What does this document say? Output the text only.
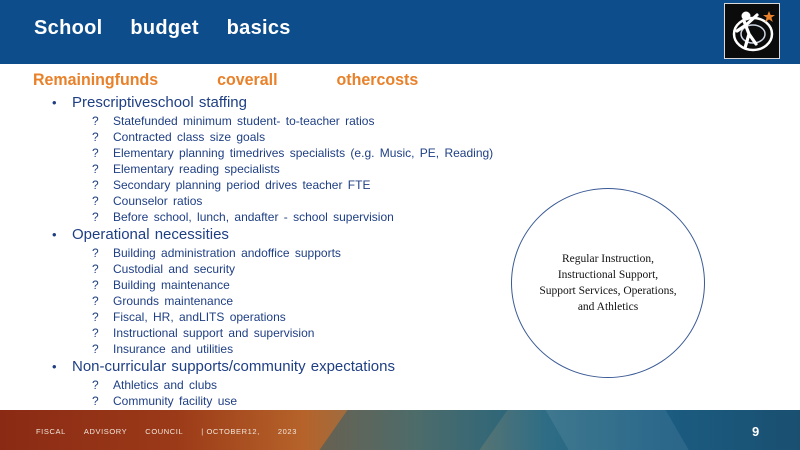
School budget basics
Remainingfunds coverall othercosts
• Prescriptiveschool staffing
? Statefunded minimum student- to-teacher ratios
? Contracted class size goals
? Elementary planning timedrives specialists (e.g. Music, PE, Reading)
? Elementary reading specialists
? Secondary planning period drives teacher FTE
? Counselor ratios
? Before school, lunch, andafter - school supervision
• Operational necessities
? Building administration andoffice supports
? Custodial and security
? Building maintenance
? Grounds maintenance
? Fiscal, HR, andLITS operations
? Instructional support and supervision
? Insurance and utilities
• Non-curricular supports/community expectations
? Athletics and clubs
? Community facility use
Regular Instruction,
Instructional Support,
Support Services, Operations,
and Athletics
FISCAL ADVISORY COUNCIL | OCTOBER12, 2023	9
